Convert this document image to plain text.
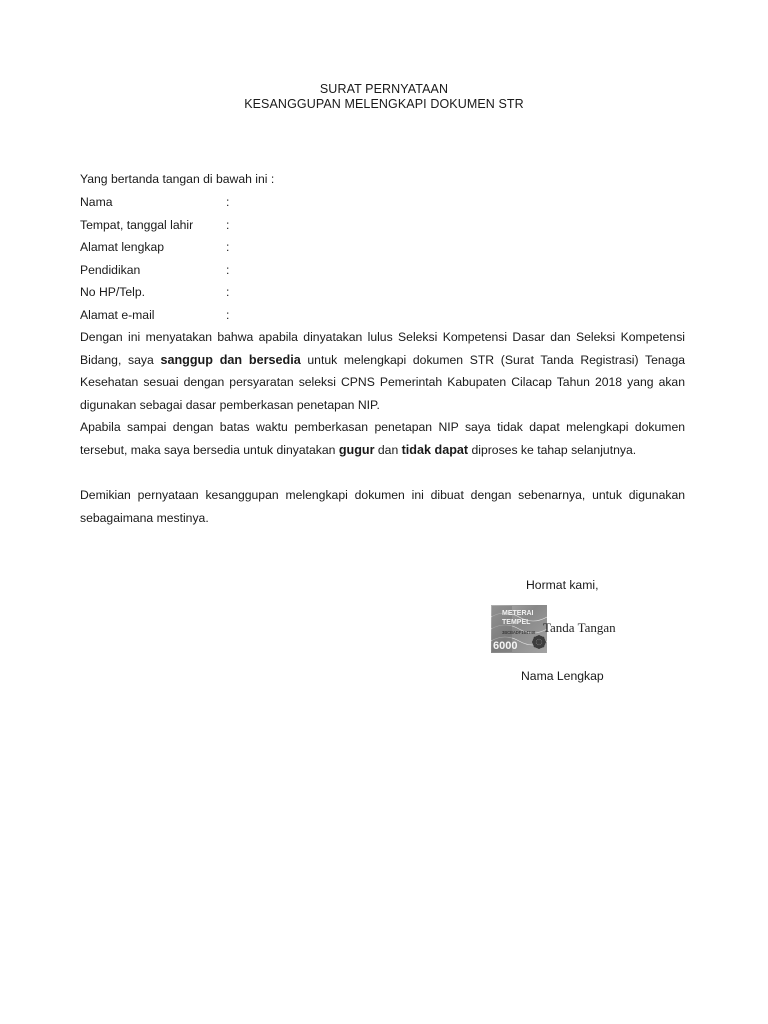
SURAT PERNYATAAN
KESANGGUPAN MELENGKAPI DOKUMEN STR
Yang bertanda tangan di bawah ini :
Nama	:
Tempat, tanggal lahir	:
Alamat lengkap	:
Pendidikan	:
No HP/Telp.	:
Alamat e-mail	:
Dengan ini menyatakan bahwa apabila dinyatakan lulus Seleksi Kompetensi Dasar dan Seleksi Kompetensi Bidang, saya sanggup dan bersedia untuk melengkapi dokumen STR (Surat Tanda Registrasi) Tenaga Kesehatan sesuai dengan persyaratan seleksi CPNS Pemerintah Kabupaten Cilacap Tahun 2018 yang akan digunakan sebagai dasar pemberkasan penetapan NIP.
Apabila sampai dengan batas waktu pemberkasan penetapan NIP saya tidak dapat melengkapi dokumen tersebut, maka saya bersedia untuk dinyatakan gugur dan tidak dapat diproses ke tahap selanjutnya.
Demikian pernyataan kesanggupan melengkapi dokumen ini dibuat dengan sebenarnya, untuk digunakan sebagaimana mestinya.
Hormat kami,
METERAI
TEMPEL
3BCBADF154748
6000
Tanda Tangan
Nama Lengkap
